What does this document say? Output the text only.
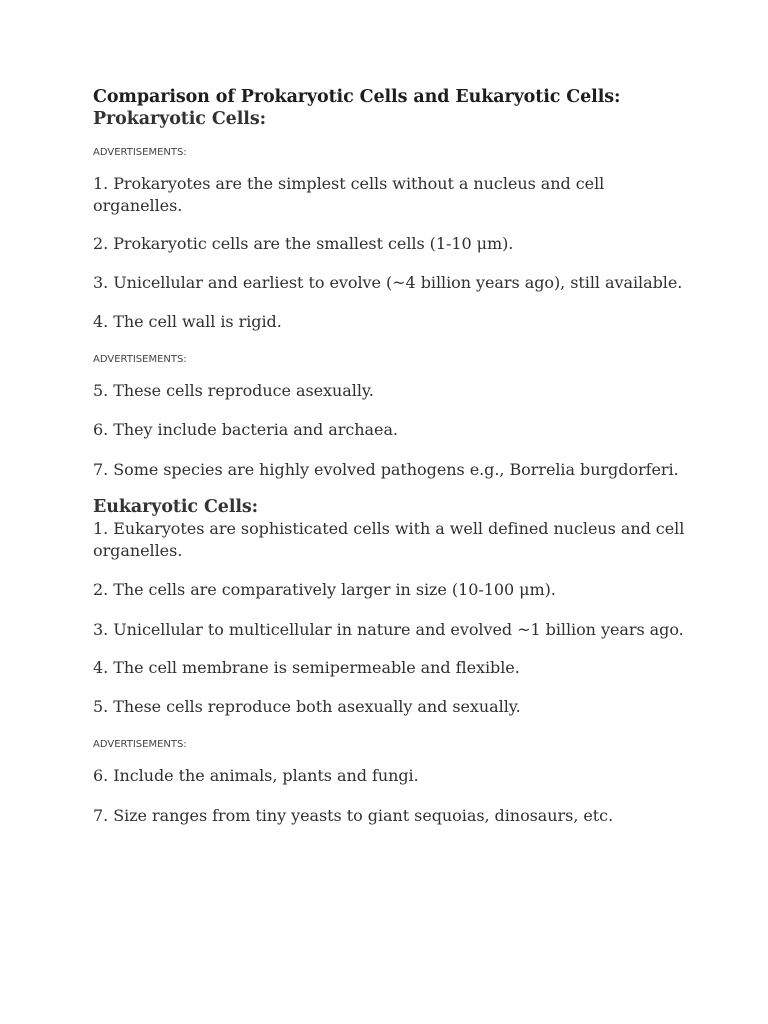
Comparison of Prokaryotic Cells and Eukaryotic Cells:
Prokaryotic Cells:

ADVERTISEMENTS:

1. Prokaryotes are the simplest cells without a nucleus and cell organelles.

2. Prokaryotic cells are the smallest cells (1-10 μm).

3. Unicellular and earliest to evolve (~4 billion years ago), still available.

4. The cell wall is rigid.

ADVERTISEMENTS:

5. These cells reproduce asexually.

6. They include bacteria and archaea.

7. Some species are highly evolved pathogens e.g., Borrelia burgdorferi.

Eukaryotic Cells:

1. Eukaryotes are sophisticated cells with a well defined nucleus and cell organelles.

2. The cells are comparatively larger in size (10-100 μm).

3. Unicellular to multicellular in nature and evolved ~1 billion years ago.

4. The cell membrane is semipermeable and flexible.

5. These cells reproduce both asexually and sexually.

ADVERTISEMENTS:

6. Include the animals, plants and fungi.

7. Size ranges from tiny yeasts to giant sequoias, dinosaurs, etc.
